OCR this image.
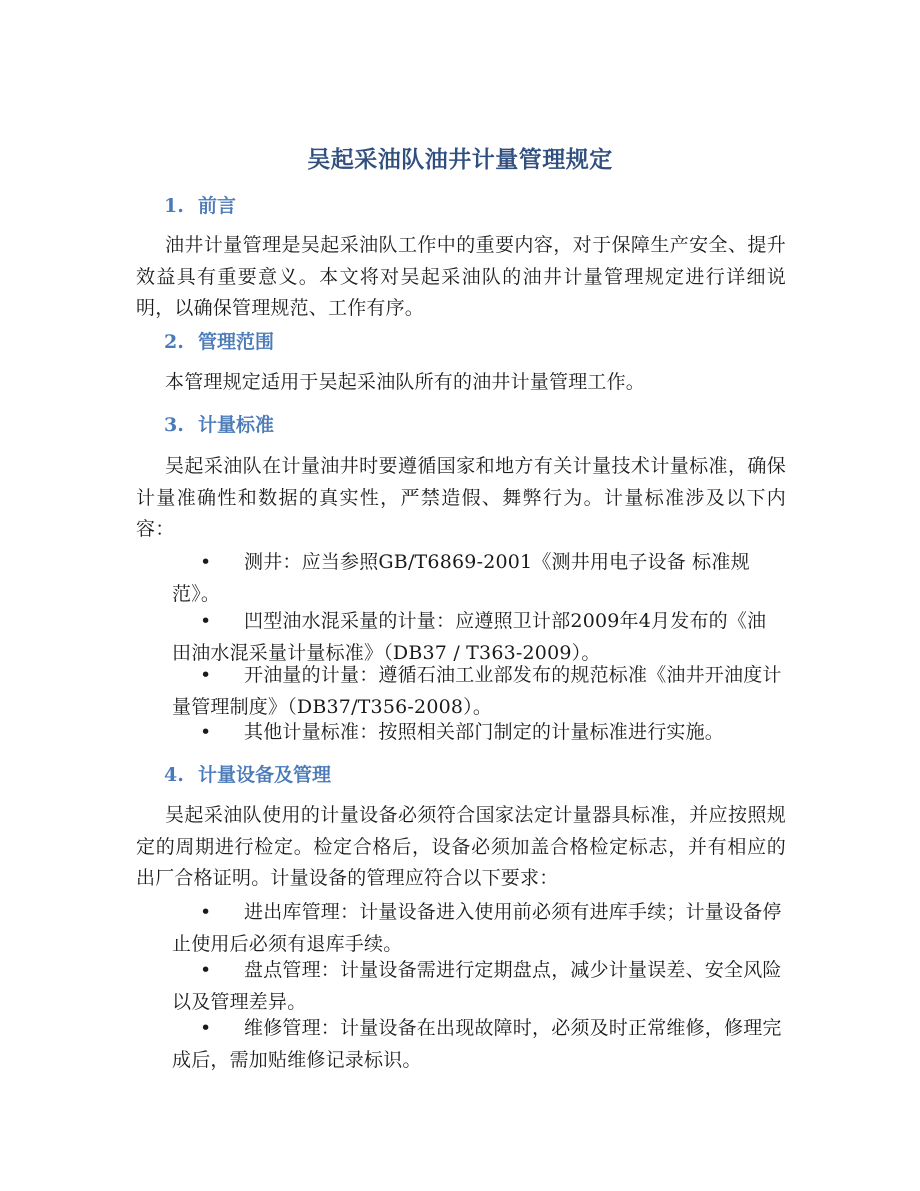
吴起采油队油井计量管理规定
1. 前言
油井计量管理是吴起采油队工作中的重要内容，对于保障生产安全、提升效益具有重要意义。本文将对吴起采油队的油井计量管理规定进行详细说明，以确保管理规范、工作有序。
2. 管理范围
本管理规定适用于吴起采油队所有的油井计量管理工作。
3. 计量标准
吴起采油队在计量油井时要遵循国家和地方有关计量技术计量标准，确保计量准确性和数据的真实性，严禁造假、舞弊行为。计量标准涉及以下内容：
•	测井：应当参照GB/T6869-2001《测井用电子设备 标准规范》。
•	凹型油水混采量的计量：应遵照卫计部2009年4月发布的《油田油水混采量计量标准》（DB37 / T363-2009）。
•	开油量的计量：遵循石油工业部发布的规范标准《油井开油度计量管理制度》（DB37/T356-2008）。
•	其他计量标准：按照相关部门制定的计量标准进行实施。
4. 计量设备及管理
吴起采油队使用的计量设备必须符合国家法定计量器具标准，并应按照规定的周期进行检定。检定合格后，设备必须加盖合格检定标志，并有相应的出厂合格证明。计量设备的管理应符合以下要求：
•	进出库管理：计量设备进入使用前必须有进库手续；计量设备停止使用后必须有退库手续。
•	盘点管理：计量设备需进行定期盘点，减少计量误差、安全风险以及管理差异。
•	维修管理：计量设备在出现故障时，必须及时正常维修，修理完成后，需加贴维修记录标识。
